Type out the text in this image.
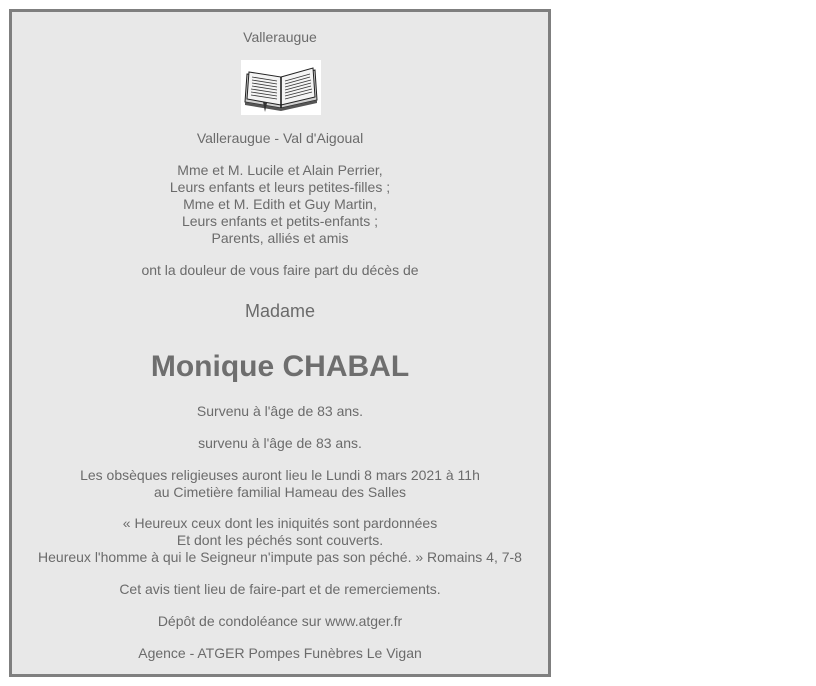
Valleraugue
Valleraugue - Val d'Aigoual
Mme et M. Lucile et Alain Perrier,
Leurs enfants et leurs petites-filles ;
Mme et M. Edith et Guy Martin,
Leurs enfants et petits-enfants ;
Parents, alliés et amis
ont la douleur de vous faire part du décès de
Madame
Monique CHABAL
Survenu à l'âge de 83 ans.
survenu à l'âge de 83 ans.
Les obsèques religieuses auront lieu le Lundi 8 mars 2021 à 11h
au Cimetière familial Hameau des Salles
« Heureux ceux dont les iniquités sont pardonnées
Et dont les péchés sont couverts.
Heureux l'homme à qui le Seigneur n'impute pas son péché. » Romains 4, 7-8
Cet avis tient lieu de faire-part et de remerciements.
Dépôt de condoléance sur www.atger.fr
Agence - ATGER Pompes Funèbres Le Vigan
